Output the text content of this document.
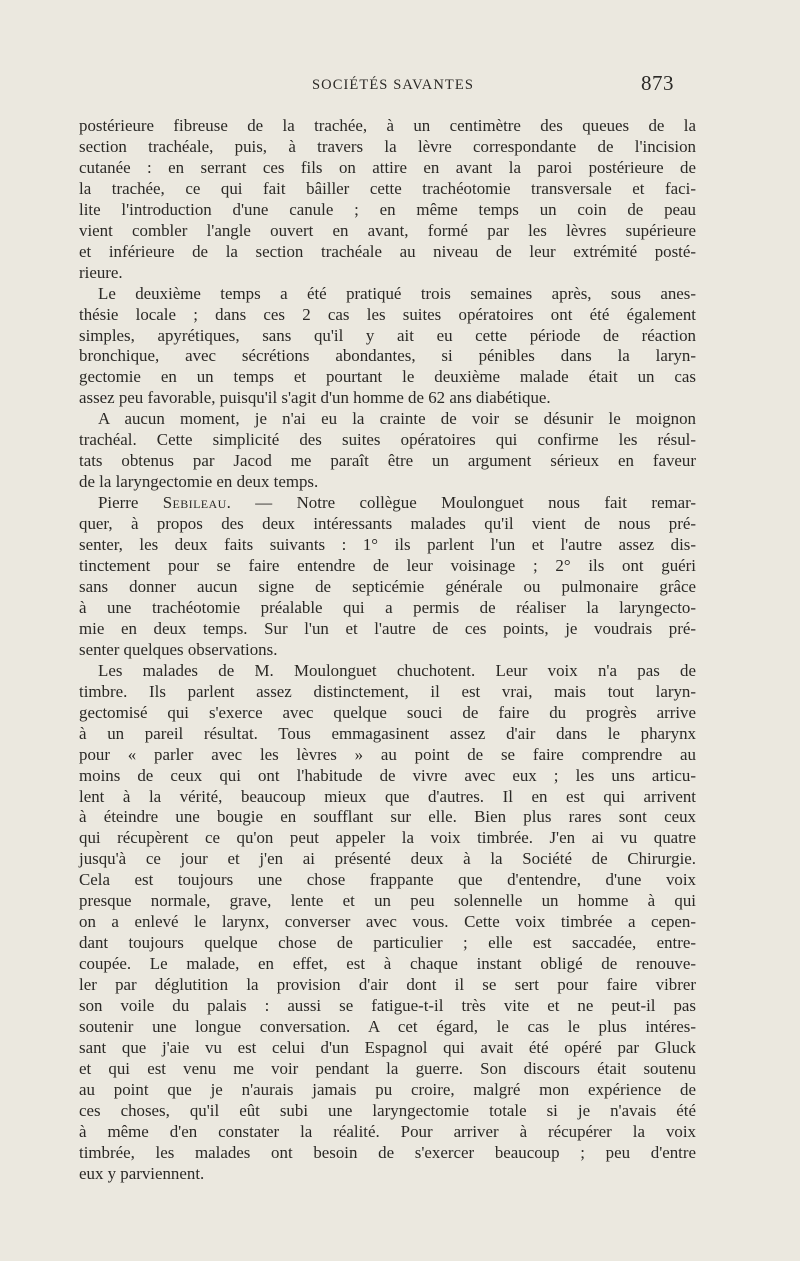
SOCIÉTÉS SAVANTES	873
postérieure fibreuse de la trachée, à un centimètre des queues de la
section trachéale, puis, à travers la lèvre correspondante de l'incision
cutanée : en serrant ces fils on attire en avant la paroi postérieure de
la trachée, ce qui fait bâiller cette trachéotomie transversale et faci-
lite l'introduction d'une canule ; en même temps un coin de peau
vient combler l'angle ouvert en avant, formé par les lèvres supérieure
et inférieure de la section trachéale au niveau de leur extrémité posté-
rieure.
Le deuxième temps a été pratiqué trois semaines après, sous anes-
thésie locale ; dans ces 2 cas les suites opératoires ont été également
simples, apyrétiques, sans qu'il y ait eu cette période de réaction
bronchique, avec sécrétions abondantes, si pénibles dans la laryn-
gectomie en un temps et pourtant le deuxième malade était un cas
assez peu favorable, puisqu'il s'agit d'un homme de 62 ans diabétique.
A aucun moment, je n'ai eu la crainte de voir se désunir le moignon
trachéal. Cette simplicité des suites opératoires qui confirme les résul-
tats obtenus par Jacod me paraît être un argument sérieux en faveur
de la laryngectomie en deux temps.
Pierre Sebileau. — Notre collègue Moulonguet nous fait remar-
quer, à propos des deux intéressants malades qu'il vient de nous pré-
senter, les deux faits suivants : 1° ils parlent l'un et l'autre assez dis-
tinctement pour se faire entendre de leur voisinage ; 2° ils ont guéri
sans donner aucun signe de septicémie générale ou pulmonaire grâce
à une trachéotomie préalable qui a permis de réaliser la laryngecto-
mie en deux temps. Sur l'un et l'autre de ces points, je voudrais pré-
senter quelques observations.
Les malades de M. Moulonguet chuchotent. Leur voix n'a pas de
timbre. Ils parlent assez distinctement, il est vrai, mais tout laryn-
gectomisé qui s'exerce avec quelque souci de faire du progrès arrive
à un pareil résultat. Tous emmagasinent assez d'air dans le pharynx
pour « parler avec les lèvres » au point de se faire comprendre au
moins de ceux qui ont l'habitude de vivre avec eux ; les uns articu-
lent à la vérité, beaucoup mieux que d'autres. Il en est qui arrivent
à éteindre une bougie en soufflant sur elle. Bien plus rares sont ceux
qui récupèrent ce qu'on peut appeler la voix timbrée. J'en ai vu quatre
jusqu'à ce jour et j'en ai présenté deux à la Société de Chirurgie.
Cela est toujours une chose frappante que d'entendre, d'une voix
presque normale, grave, lente et un peu solennelle un homme à qui
on a enlevé le larynx, converser avec vous. Cette voix timbrée a cepen-
dant toujours quelque chose de particulier ; elle est saccadée, entre-
coupée. Le malade, en effet, est à chaque instant obligé de renouve-
ler par déglutition la provision d'air dont il se sert pour faire vibrer
son voile du palais : aussi se fatigue-t-il très vite et ne peut-il pas
soutenir une longue conversation. A cet égard, le cas le plus intéres-
sant que j'aie vu est celui d'un Espagnol qui avait été opéré par Gluck
et qui est venu me voir pendant la guerre. Son discours était soutenu
au point que je n'aurais jamais pu croire, malgré mon expérience de
ces choses, qu'il eût subi une laryngectomie totale si je n'avais été
à même d'en constater la réalité. Pour arriver à récupérer la voix
timbrée, les malades ont besoin de s'exercer beaucoup ; peu d'entre
eux y parviennent.
